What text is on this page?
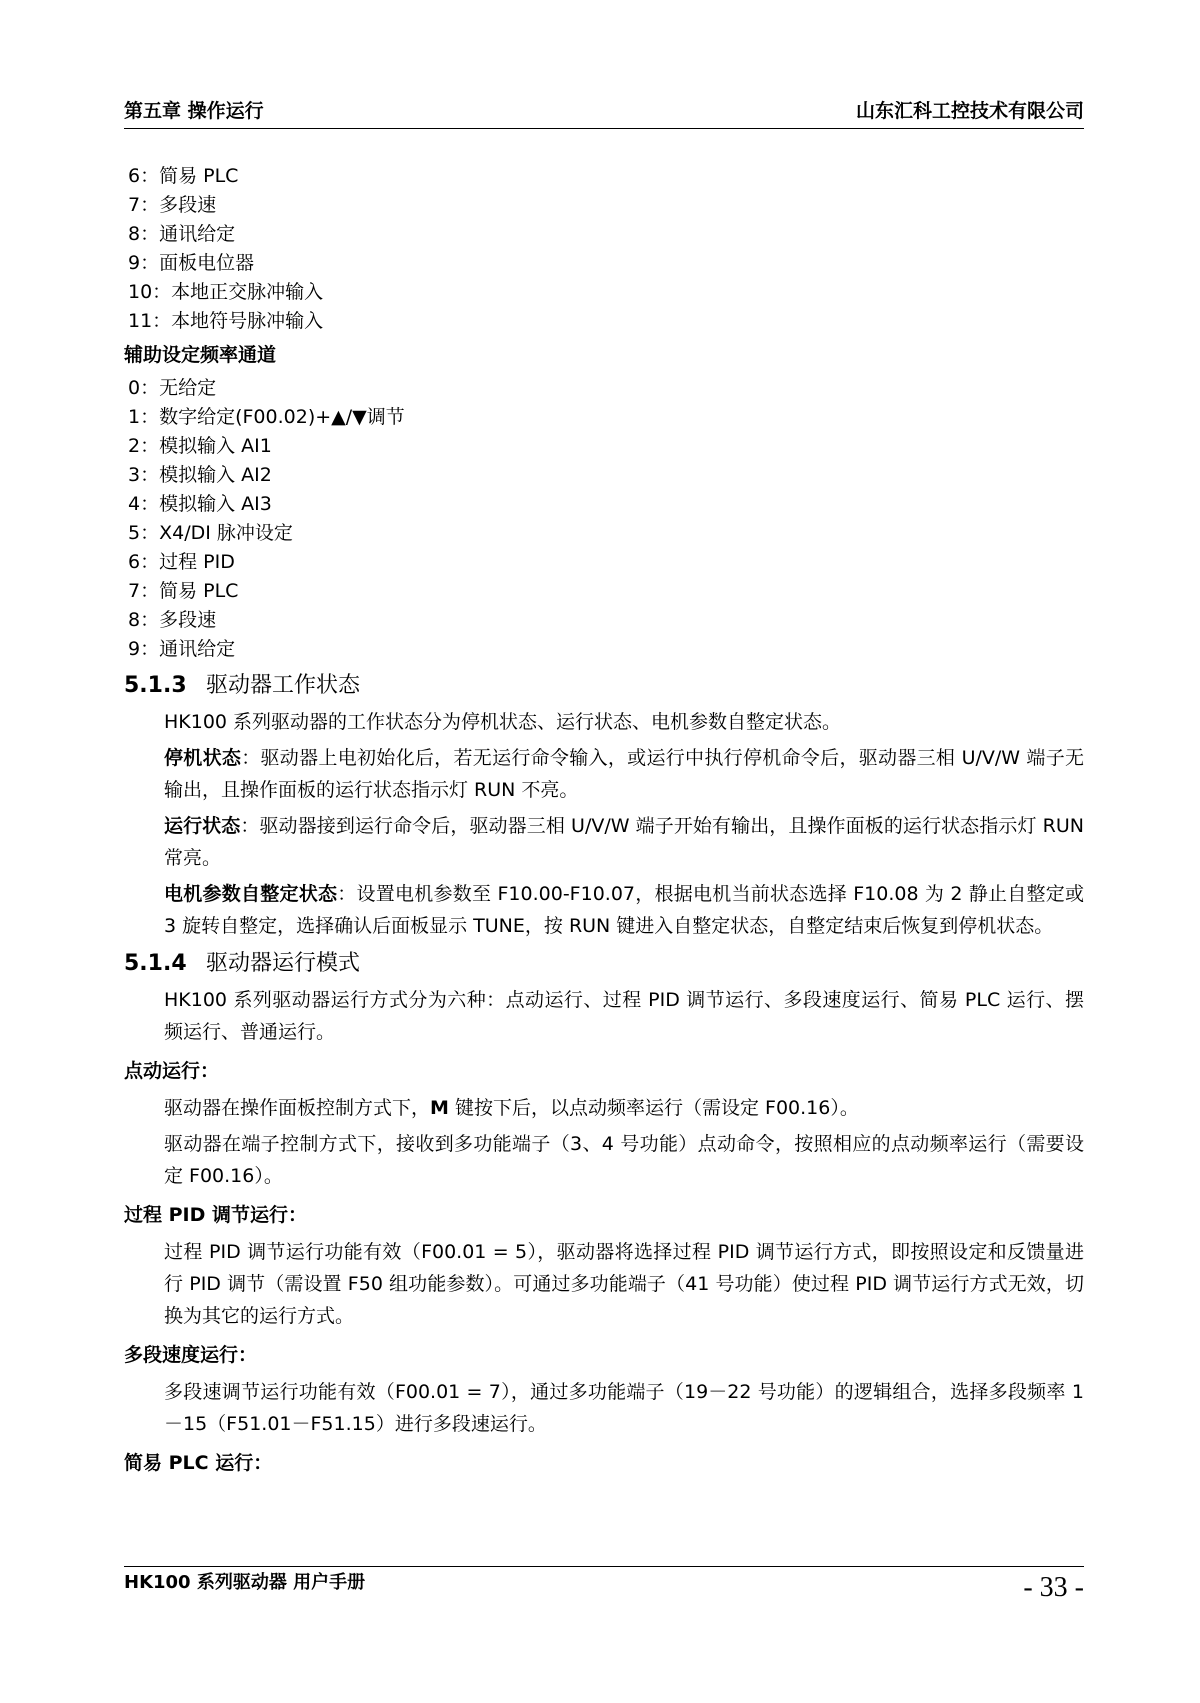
第五章 操作运行	山东汇科工控技术有限公司
6：简易 PLC
7：多段速
8：通讯给定
9：面板电位器
10：本地正交脉冲输入
11：本地符号脉冲输入
辅助设定频率通道
0：无给定
1：数字给定(F00.02)+▲/▼调节
2：模拟输入 AI1
3：模拟输入 AI2
4：模拟输入 AI3
5：X4/DI 脉冲设定
6：过程 PID
7：简易 PLC
8：多段速
9：通讯给定
5.1.3 驱动器工作状态
HK100 系列驱动器的工作状态分为停机状态、运行状态、电机参数自整定状态。
停机状态：驱动器上电初始化后，若无运行命令输入，或运行中执行停机命令后，驱动器三相 U/V/W 端子无输出，且操作面板的运行状态指示灯 RUN 不亮。
运行状态：驱动器接到运行命令后，驱动器三相 U/V/W 端子开始有输出，且操作面板的运行状态指示灯 RUN 常亮。
电机参数自整定状态：设置电机参数至 F10.00-F10.07，根据电机当前状态选择 F10.08 为 2 静止自整定或 3 旋转自整定，选择确认后面板显示 TUNE，按 RUN 键进入自整定状态，自整定结束后恢复到停机状态。
5.1.4 驱动器运行模式
HK100 系列驱动器运行方式分为六种：点动运行、过程 PID 调节运行、多段速度运行、简易 PLC 运行、摆频运行、普通运行。
点动运行：
驱动器在操作面板控制方式下，M 键按下后，以点动频率运行（需设定 F00.16）。
驱动器在端子控制方式下，接收到多功能端子（3、4 号功能）点动命令，按照相应的点动频率运行（需要设定 F00.16）。
过程 PID 调节运行：
过程 PID 调节运行功能有效（F00.01 = 5），驱动器将选择过程 PID 调节运行方式，即按照设定和反馈量进行 PID 调节（需设置 F50 组功能参数）。可通过多功能端子（41 号功能）使过程 PID 调节运行方式无效，切换为其它的运行方式。
多段速度运行：
多段速调节运行功能有效（F00.01 = 7），通过多功能端子（19－22 号功能）的逻辑组合，选择多段频率 1－15（F51.01－F51.15）进行多段速运行。
简易 PLC 运行：
HK100 系列驱动器 用户手册	- 33 -
